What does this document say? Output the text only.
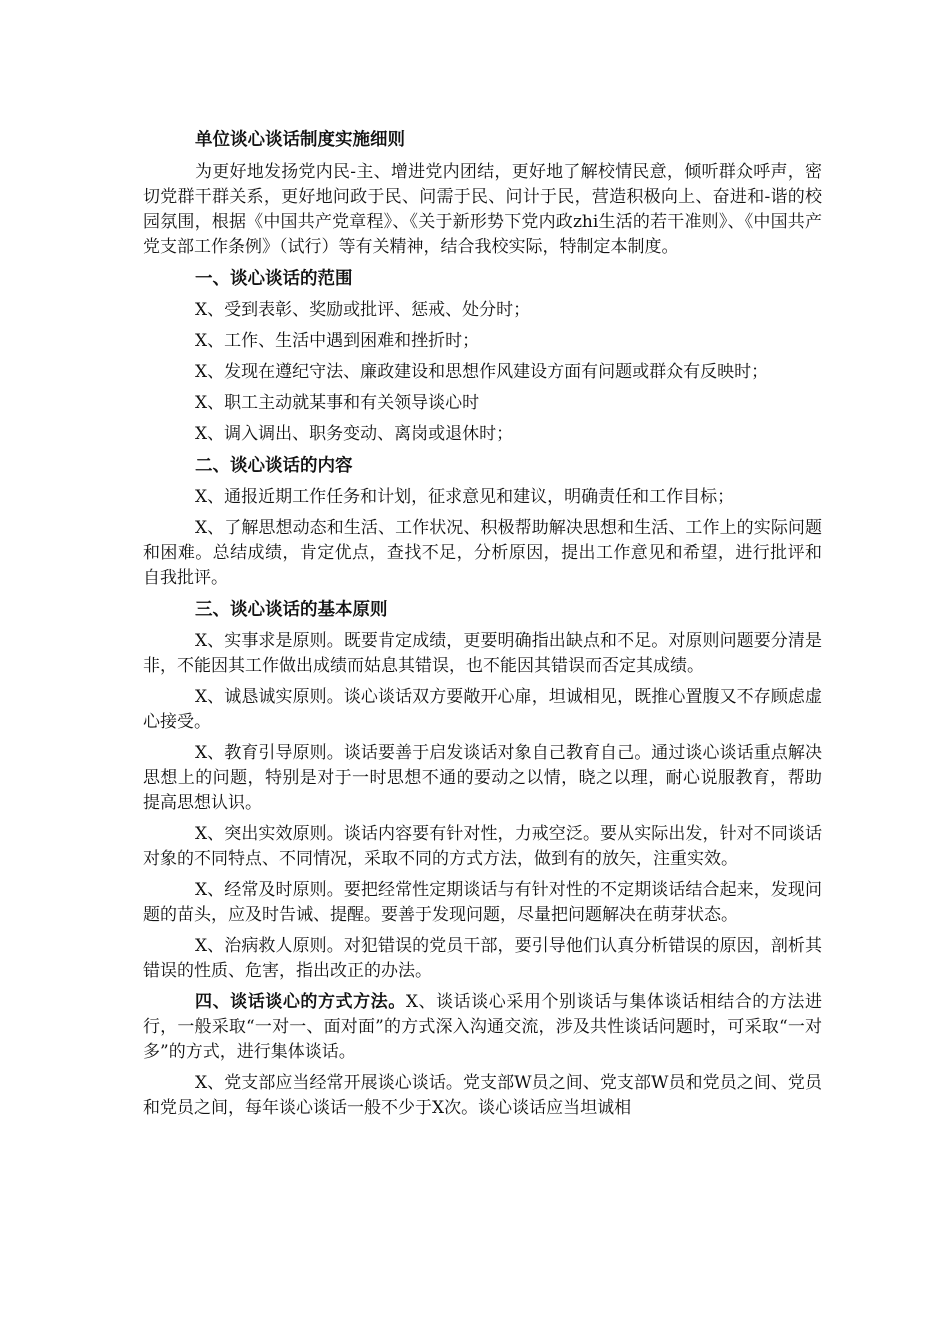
单位谈心谈话制度实施细则

为更好地发扬党内民-主、增进党内团结，更好地了解校情民意，倾听群众呼声，密切党群干群关系，更好地问政于民、问需于民、问计于民，营造积极向上、奋进和-谐的校园氛围，根据《中国共产党章程》、《关于新形势下党内政zhi生活的若干准则》、《中国共产党支部工作条例》（试行）等有关精神，结合我校实际，特制定本制度。

一、谈心谈话的范围

X、受到表彰、奖励或批评、惩戒、处分时；

X、工作、生活中遇到困难和挫折时；

X、发现在遵纪守法、廉政建设和思想作风建设方面有问题或群众有反映时；

X、职工主动就某事和有关领导谈心时

X、调入调出、职务变动、离岗或退休时；

二、谈心谈话的内容

X、通报近期工作任务和计划，征求意见和建议，明确责任和工作目标；

X、了解思想动态和生活、工作状况、积极帮助解决思想和生活、工作上的实际问题和困难。总结成绩，肯定优点，查找不足，分析原因，提出工作意见和希望，进行批评和自我批评。

三、谈心谈话的基本原则

X、实事求是原则。既要肯定成绩，更要明确指出缺点和不足。对原则问题要分清是非，不能因其工作做出成绩而姑息其错误，也不能因其错误而否定其成绩。

X、诚恳诚实原则。谈心谈话双方要敞开心扉，坦诚相见，既推心置腹又不存顾虑虚心接受。

X、教育引导原则。谈话要善于启发谈话对象自己教育自己。通过谈心谈话重点解决思想上的问题，特别是对于一时思想不通的要动之以情，晓之以理，耐心说服教育，帮助提高思想认识。

X、突出实效原则。谈话内容要有针对性，力戒空泛。要从实际出发，针对不同谈话对象的不同特点、不同情况，采取不同的方式方法，做到有的放矢，注重实效。

X、经常及时原则。要把经常性定期谈话与有针对性的不定期谈话结合起来，发现问题的苗头，应及时告诫、提醒。要善于发现问题，尽量把问题解决在萌芽状态。

X、治病救人原则。对犯错误的党员干部，要引导他们认真分析错误的原因，剖析其错误的性质、危害，指出改正的办法。

四、谈话谈心的方式方法。X、谈话谈心采用个别谈话与集体谈话相结合的方法进行，一般采取“一对一、面对面”的方式深入沟通交流，涉及共性谈话问题时，可采取“一对多”的方式，进行集体谈话。

X、党支部应当经常开展谈心谈话。党支部W员之间、党支部W员和党员之间、党员和党员之间，每年谈心谈话一般不少于X次。谈心谈话应当坦诚相
